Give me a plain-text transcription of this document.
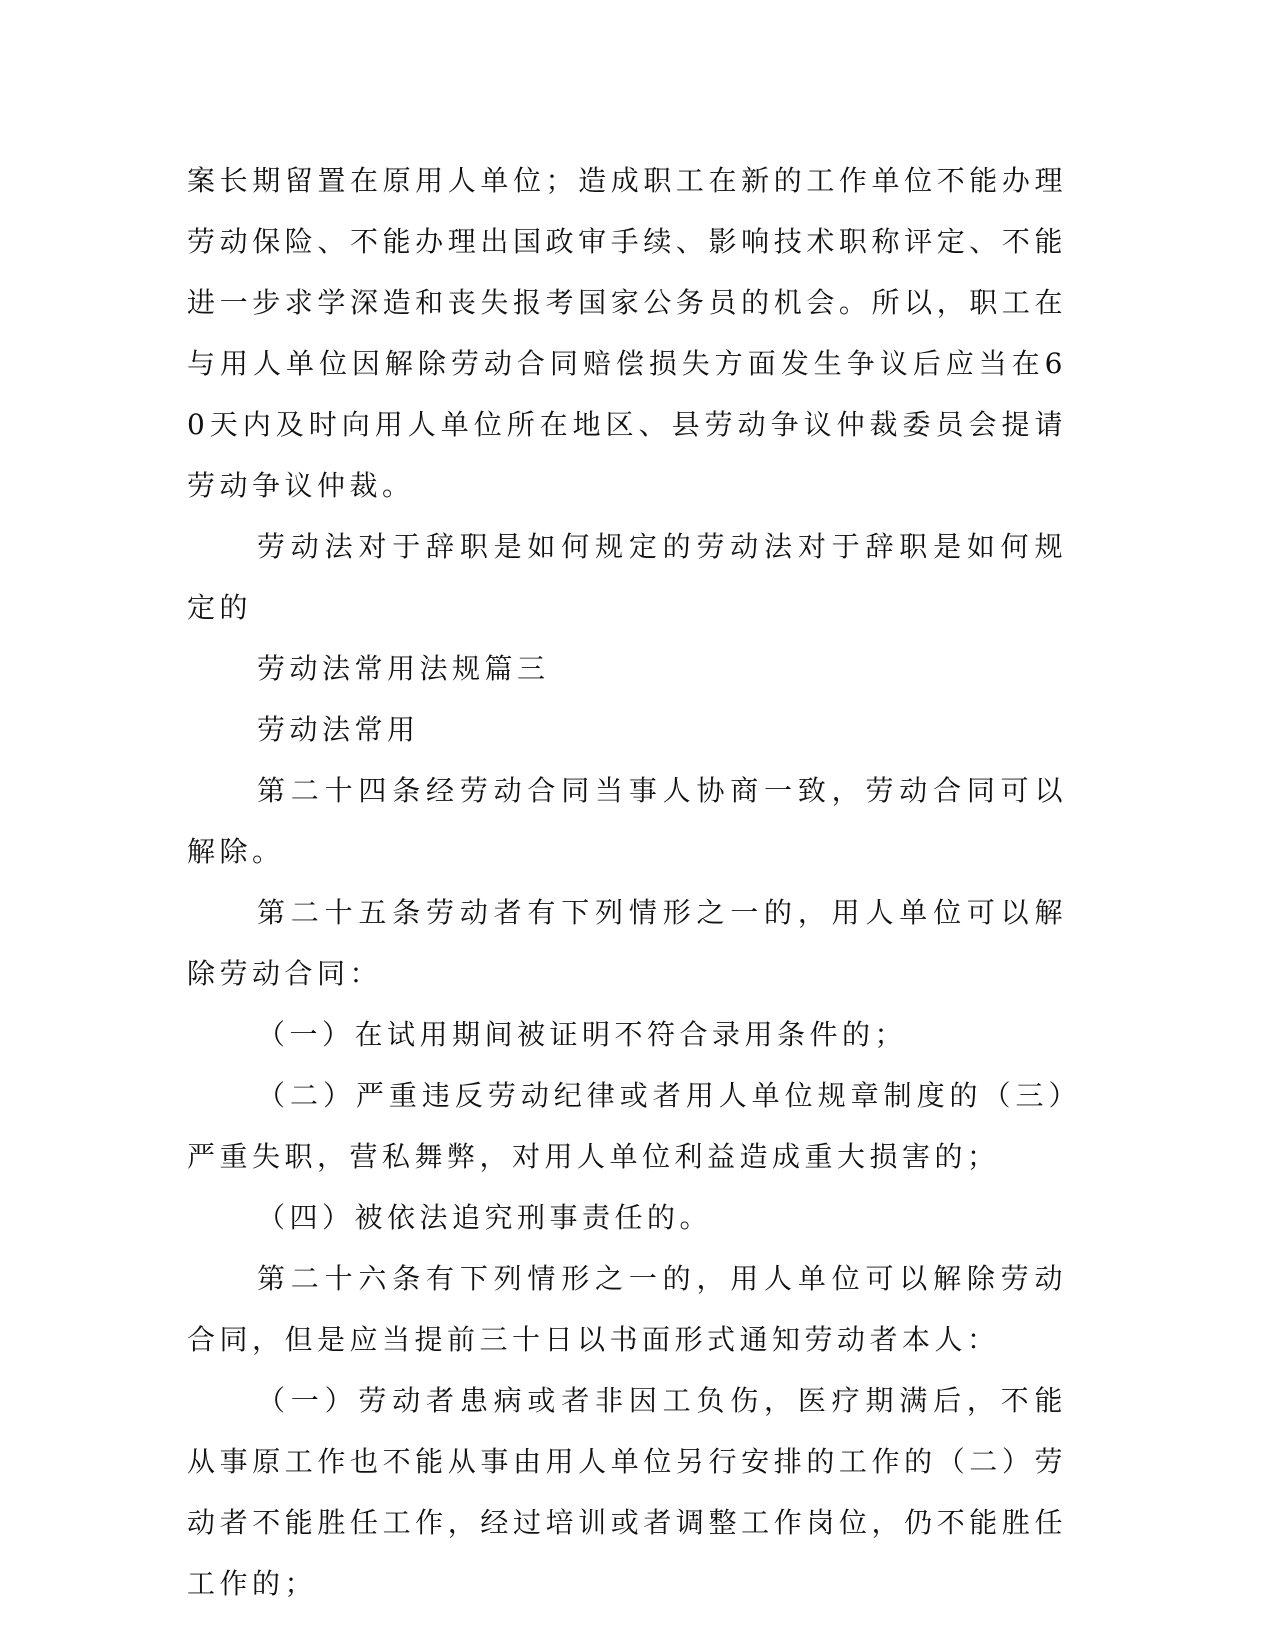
案长期留置在原用人单位；造成职工在新的工作单位不能办理劳动保险、不能办理出国政审手续、影响技术职称评定、不能进一步求学深造和丧失报考国家公务员的机会。所以，职工在与用人单位因解除劳动合同赔偿损失方面发生争议后应当在60天内及时向用人单位所在地区、县劳动争议仲裁委员会提请劳动争议仲裁。

劳动法对于辞职是如何规定的劳动法对于辞职是如何规定的

劳动法常用法规篇三

劳动法常用

第二十四条经劳动合同当事人协商一致，劳动合同可以解除。

第二十五条劳动者有下列情形之一的，用人单位可以解除劳动合同：

（一）在试用期间被证明不符合录用条件的；

（二）严重违反劳动纪律或者用人单位规章制度的（三）严重失职，营私舞弊，对用人单位利益造成重大损害的；

（四）被依法追究刑事责任的。

第二十六条有下列情形之一的，用人单位可以解除劳动合同，但是应当提前三十日以书面形式通知劳动者本人：

（一）劳动者患病或者非因工负伤，医疗期满后，不能从事原工作也不能从事由用人单位另行安排的工作的（二）劳动者不能胜任工作，经过培训或者调整工作岗位，仍不能胜任工作的；
